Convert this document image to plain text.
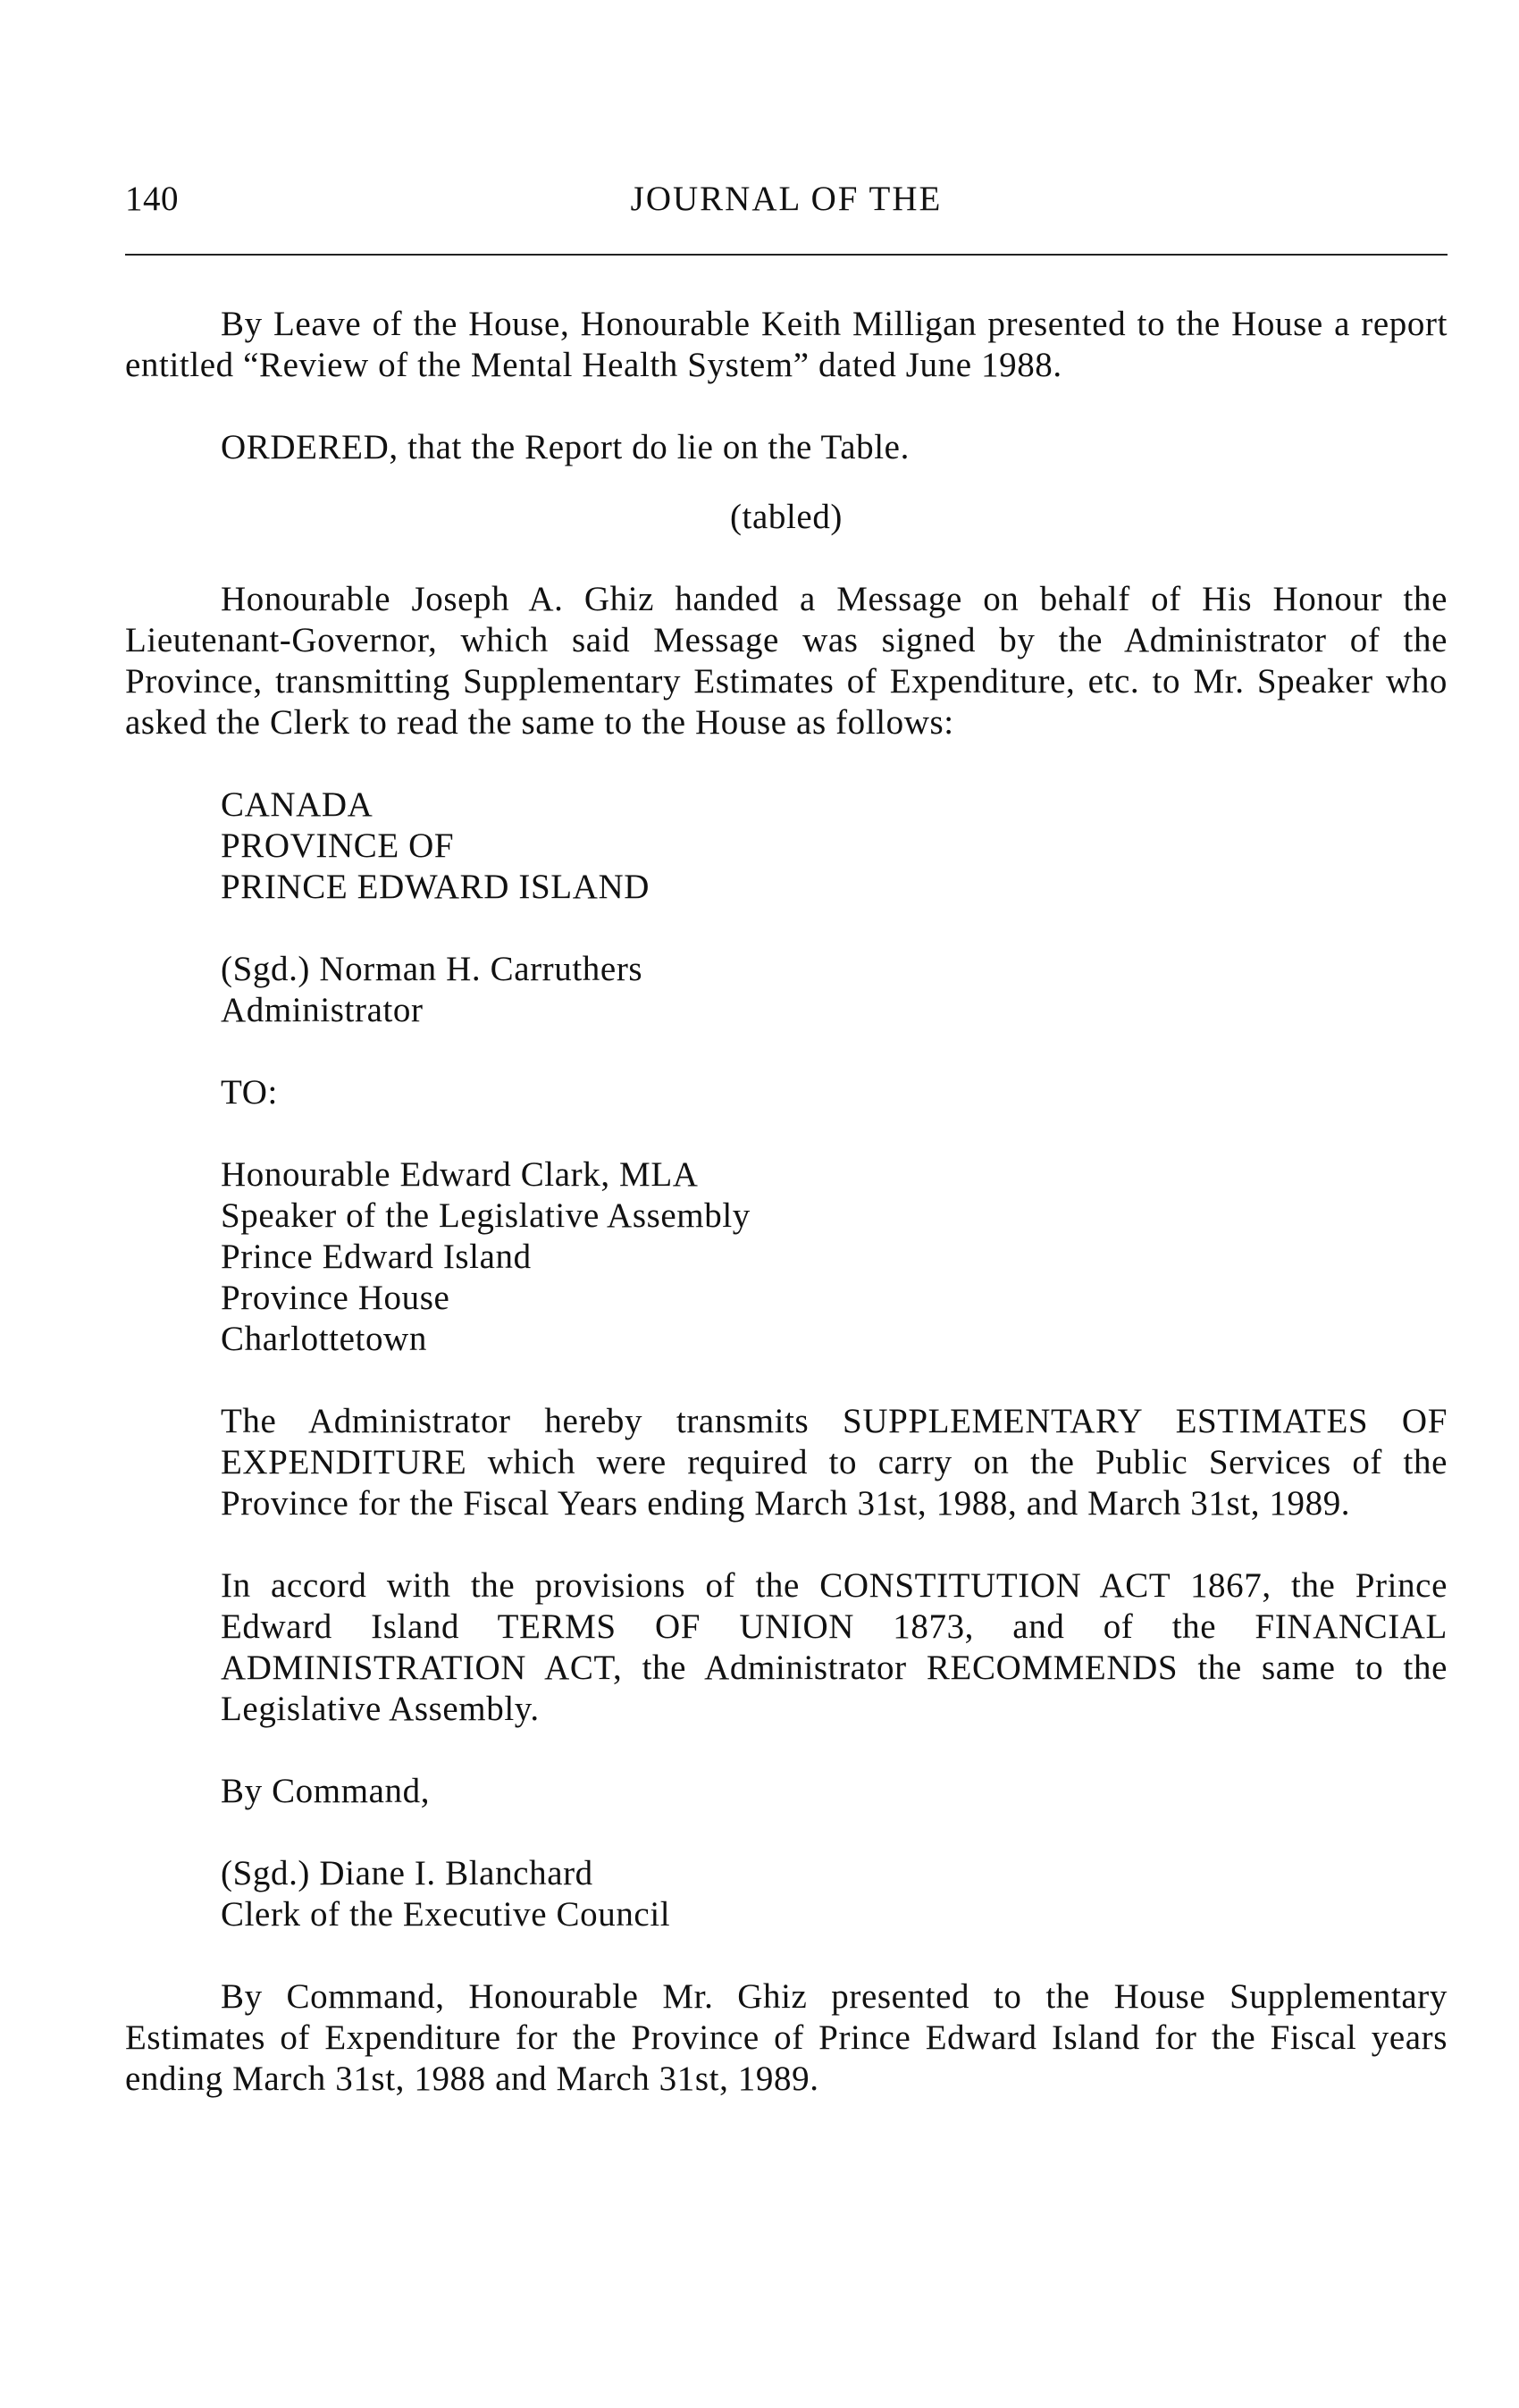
140	JOURNAL OF THE

By Leave of the House, Honourable Keith Milligan presented to the House a report entitled “Review of the Mental Health System” dated June 1988.

ORDERED, that the Report do lie on the Table.

(tabled)

Honourable Joseph A. Ghiz handed a Message on behalf of His Honour the Lieutenant-Governor, which said Message was signed by the Administrator of the Province, transmitting Supplementary Estimates of Expenditure, etc. to Mr. Speaker who asked the Clerk to read the same to the House as follows:

CANADA
PROVINCE OF
PRINCE EDWARD ISLAND
(Sgd.) Norman H. Carruthers
Administrator
TO:
Honourable Edward Clark, MLA
Speaker of the Legislative Assembly
Prince Edward Island
Province House
Charlottetown
The Administrator hereby transmits SUPPLEMENTARY ESTIMATES OF EXPENDITURE which were required to carry on the Public Services of the Province for the Fiscal Years ending March 31st, 1988, and March 31st, 1989.
In accord with the provisions of the CONSTITUTION ACT 1867, the Prince Edward Island TERMS OF UNION 1873, and of the FINANCIAL ADMINISTRATION ACT, the Administrator RECOMMENDS the same to the Legislative Assembly.
By Command,
(Sgd.) Diane I. Blanchard
Clerk of the Executive Council

By Command, Honourable Mr. Ghiz presented to the House Supplementary Estimates of Expenditure for the Province of Prince Edward Island for the Fiscal years ending March 31st, 1988 and March 31st, 1989.
